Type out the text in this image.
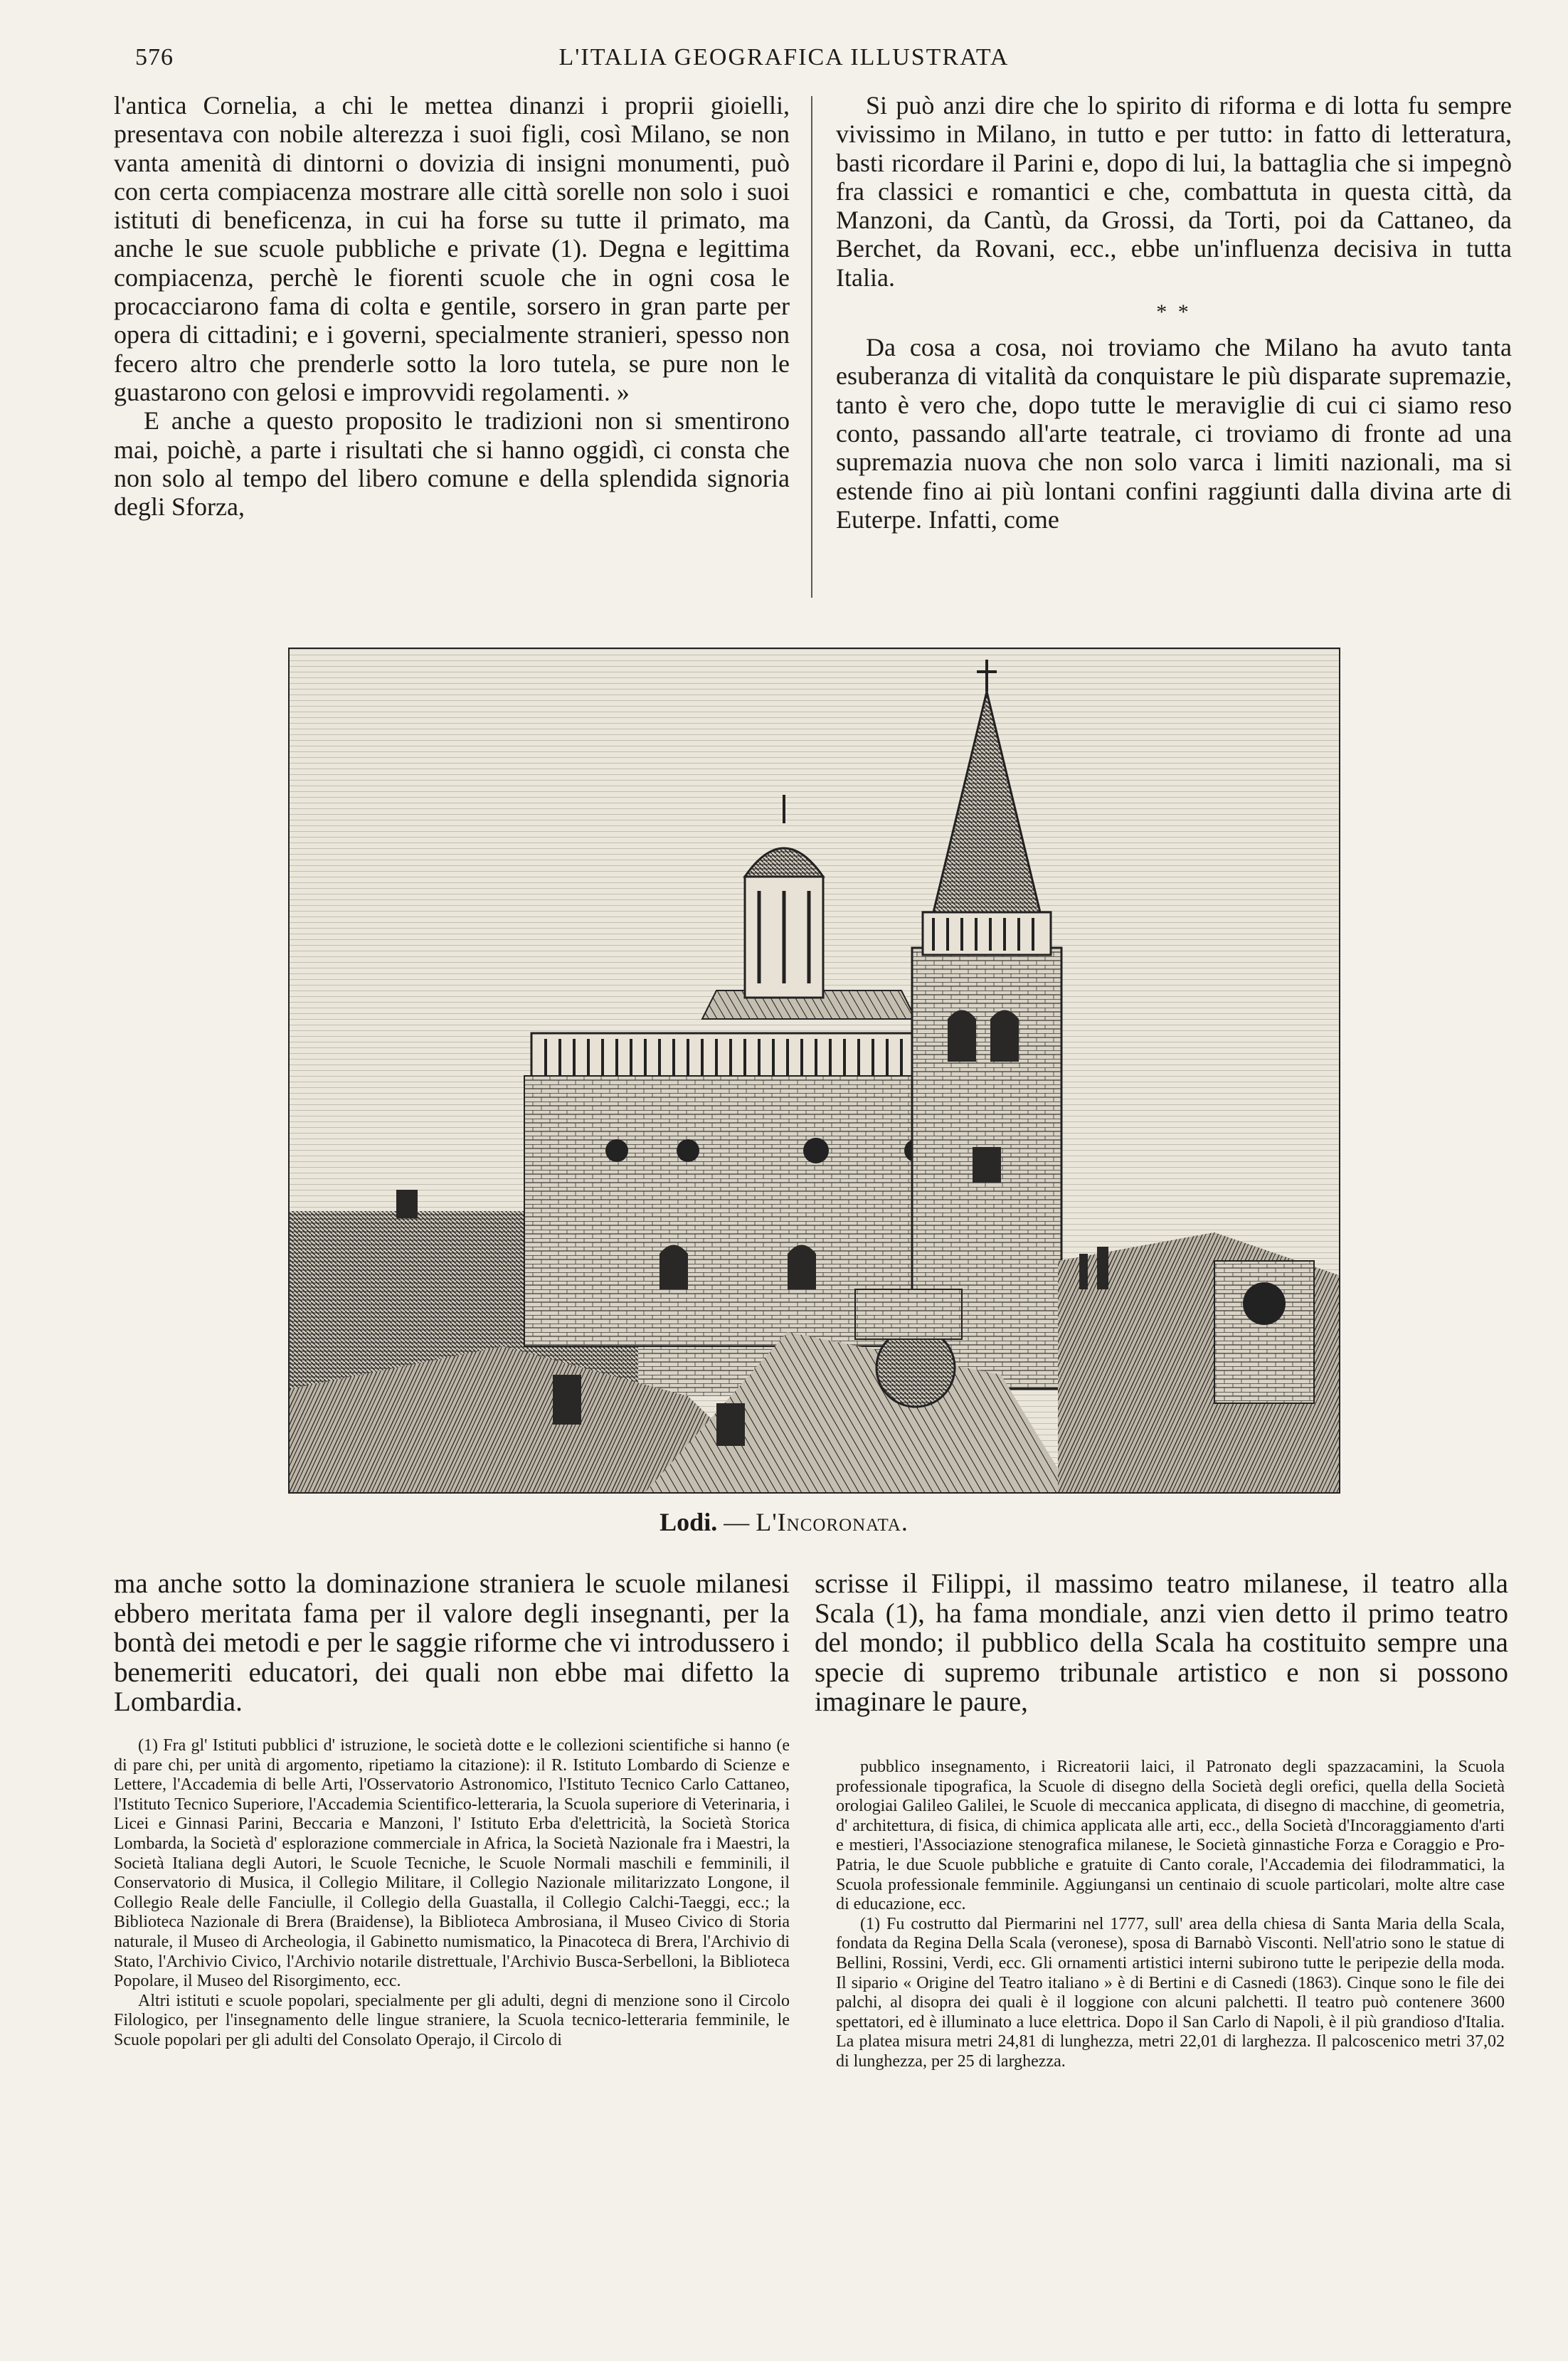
576	L'ITALIA GEOGRAFICA ILLUSTRATA

l'antica Cornelia, a chi le mettea dinanzi i proprii gioielli, presentava con nobile alterezza i suoi figli, così Milano, se non vanta amenità di dintorni o dovizia di insigni monumenti, può con certa compiacenza mostrare alle città sorelle non solo i suoi istituti di beneficenza, in cui ha forse su tutte il primato, ma anche le sue scuole pubbliche e private (1). Degna e legittima compiacenza, perchè le fiorenti scuole che in ogni cosa le procacciarono fama di colta e gentile, sorsero in gran parte per opera di cittadini; e i governi, specialmente stranieri, spesso non fecero altro che prenderle sotto la loro tutela, se pure non le guastarono con gelosi e improvvidi regolamenti. »

E anche a questo proposito le tradizioni non si smentirono mai, poichè, a parte i risultati che si hanno oggidì, ci consta che non solo al tempo del libero comune e della splendida signoria degli Sforza,

Si può anzi dire che lo spirito di riforma e di lotta fu sempre vivissimo in Milano, in tutto e per tutto: in fatto di letteratura, basti ricordare il Parini e, dopo di lui, la battaglia che si impegnò fra classici e romantici e che, combattuta in questa città, da Manzoni, da Cantù, da Grossi, da Torti, poi da Cattaneo, da Berchet, da Rovani, ecc., ebbe un'influenza decisiva in tutta Italia.

* *

Da cosa a cosa, noi troviamo che Milano ha avuto tanta esuberanza di vitalità da conquistare le più disparate supremazie, tanto è vero che, dopo tutte le meraviglie di cui ci siamo reso conto, passando all'arte teatrale, ci troviamo di fronte ad una supremazia nuova che non solo varca i limiti nazionali, ma si estende fino ai più lontani confini raggiunti dalla divina arte di Euterpe. Infatti, come

Lodi. — L'Incoronata.

ma anche sotto la dominazione straniera le scuole milanesi ebbero meritata fama per il valore degli insegnanti, per la bontà dei metodi e per le saggie riforme che vi introdussero i benemeriti educatori, dei quali non ebbe mai difetto la Lombardia.

scrisse il Filippi, il massimo teatro milanese, il teatro alla Scala (1), ha fama mondiale, anzi vien detto il primo teatro del mondo; il pubblico della Scala ha costituito sempre una specie di supremo tribunale artistico e non si possono imaginare le paure,

(1) Fra gl' Istituti pubblici d' istruzione, le società dotte e le collezioni scientifiche si hanno (e di pare chi, per unità di argomento, ripetiamo la citazione): il R. Istituto Lombardo di Scienze e Lettere, l'Accademia di belle Arti, l'Osservatorio Astronomico, l'Istituto Tecnico Carlo Cattaneo, l'Istituto Tecnico Superiore, l'Accademia Scientifico-letteraria, la Scuola superiore di Veterinaria, i Licei e Ginnasi Parini, Beccaria e Manzoni, l' Istituto Erba d'elettricità, la Società Storica Lombarda, la Società d' esplorazione commerciale in Africa, la Società Nazionale fra i Maestri, la Società Italiana degli Autori, le Scuole Tecniche, le Scuole Normali maschili e femminili, il Conservatorio di Musica, il Collegio Militare, il Collegio Nazionale militarizzato Longone, il Collegio Reale delle Fanciulle, il Collegio della Guastalla, il Collegio Calchi-Taeggi, ecc.; la Biblioteca Nazionale di Brera (Braidense), la Biblioteca Ambrosiana, il Museo Civico di Storia naturale, il Museo di Archeologia, il Gabinetto numismatico, la Pinacoteca di Brera, l'Archivio di Stato, l'Archivio Civico, l'Archivio notarile distrettuale, l'Archivio Busca-Serbelloni, la Biblioteca Popolare, il Museo del Risorgimento, ecc.

Altri istituti e scuole popolari, specialmente per gli adulti, degni di menzione sono il Circolo Filologico, per l'insegnamento delle lingue straniere, la Scuola tecnico-letteraria femminile, le Scuole popolari per gli adulti del Consolato Operajo, il Circolo di

pubblico insegnamento, i Ricreatorii laici, il Patronato degli spazzacamini, la Scuola professionale tipografica, la Scuole di disegno della Società degli orefici, quella della Società orologiai Galileo Galilei, le Scuole di meccanica applicata, di disegno di macchine, di geometria, d' architettura, di fisica, di chimica applicata alle arti, ecc., della Società d'Incoraggiamento d'arti e mestieri, l'Associazione stenografica milanese, le Società ginnastiche Forza e Coraggio e Pro-Patria, le due Scuole pubbliche e gratuite di Canto corale, l'Accademia dei filodrammatici, la Scuola professionale femminile. Aggiungansi un centinaio di scuole particolari, molte altre case di educazione, ecc.

(1) Fu costrutto dal Piermarini nel 1777, sull' area della chiesa di Santa Maria della Scala, fondata da Regina Della Scala (veronese), sposa di Barnabò Visconti. Nell'atrio sono le statue di Bellini, Rossini, Verdi, ecc. Gli ornamenti artistici interni subirono tutte le peripezie della moda. Il sipario « Origine del Teatro italiano » è di Bertini e di Casnedi (1863). Cinque sono le file dei palchi, al disopra dei quali è il loggione con alcuni palchetti. Il teatro può contenere 3600 spettatori, ed è illuminato a luce elettrica. Dopo il San Carlo di Napoli, è il più grandioso d'Italia. La platea misura metri 24,81 di lunghezza, metri 22,01 di larghezza. Il palcoscenico metri 37,02 di lunghezza, per 25 di larghezza.
